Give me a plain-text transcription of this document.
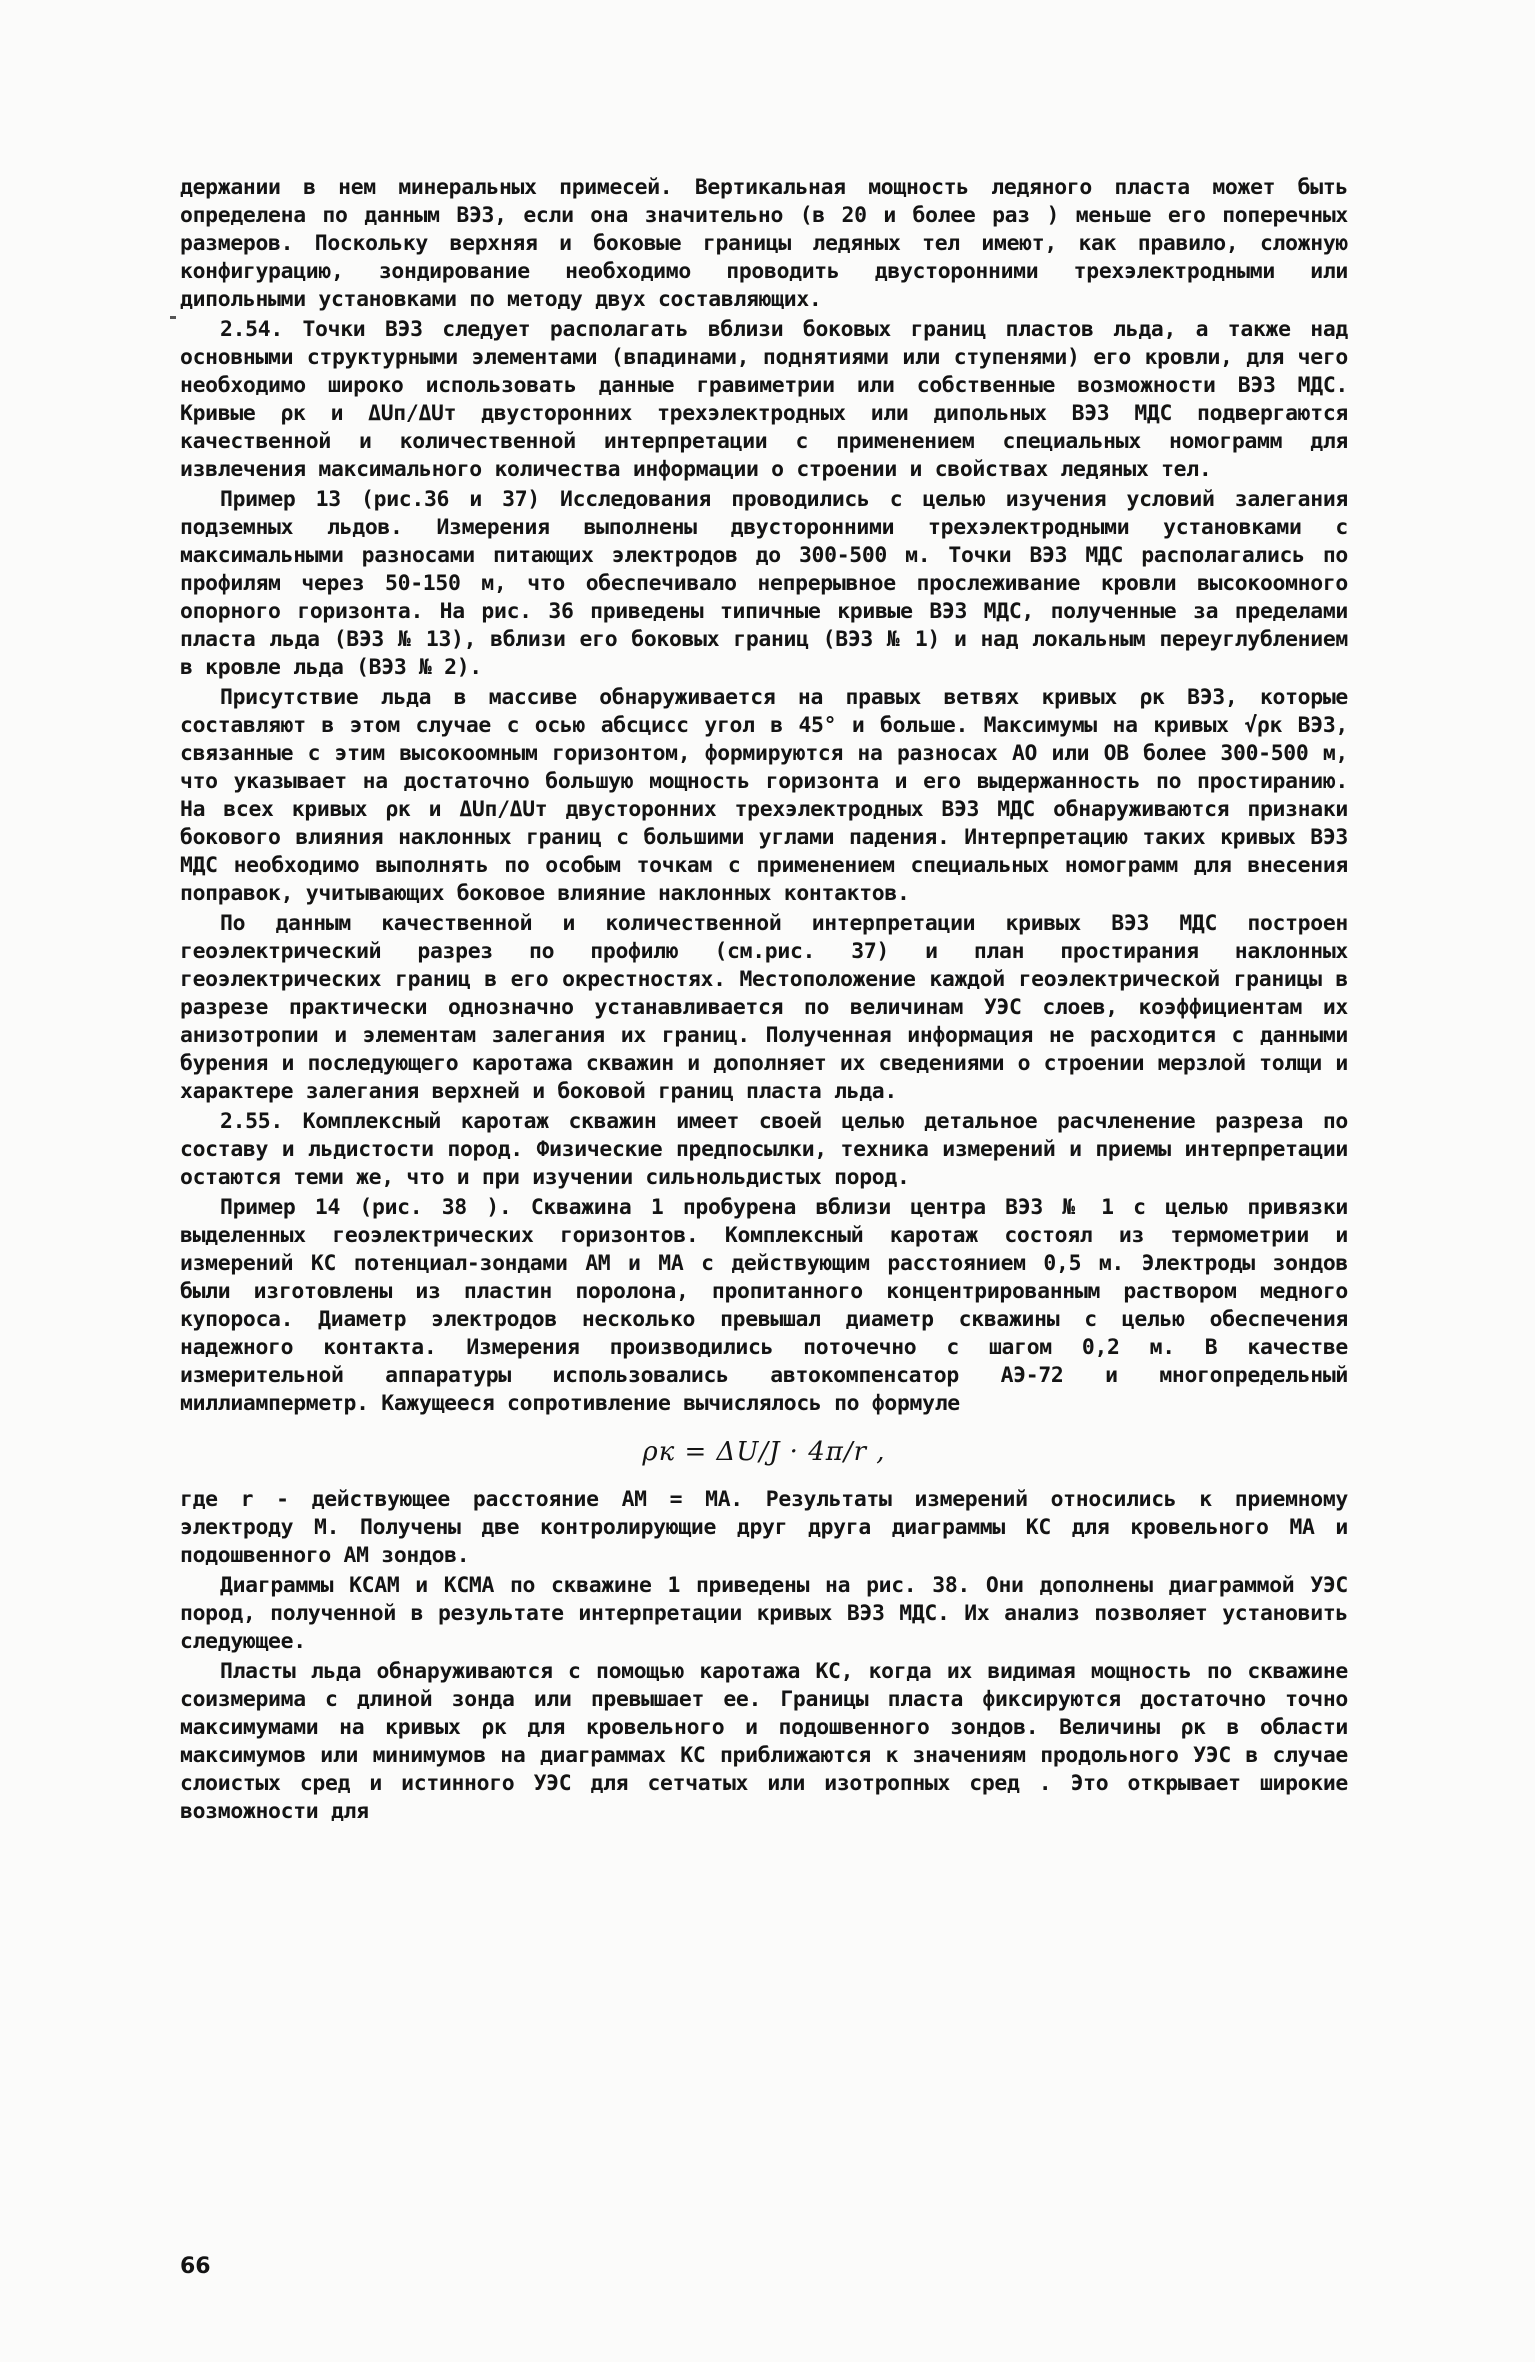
держании в нем минеральных примесей. Вертикальная мощность ледяного пласта может быть определена по данным ВЭЗ, если она значительно (в 20 и более раз ) меньше его поперечных размеров. Поскольку верхняя и боковые границы ледяных тел имеют, как правило, сложную конфигурацию, зондирование необходимо проводить двусторонними трехэлектродными или дипольными установками по методу двух составляющих.

2.54. Точки ВЭЗ следует располагать вблизи боковых границ пластов льда, а также над основными структурными элементами (впадинами, поднятиями или ступенями) его кровли, для чего необходимо широко использовать данные гравиметрии или собственные возможности ВЭЗ МДС. Кривые ρк и ΔUп/ΔUт двусторонних трехэлектродных или дипольных ВЭЗ МДС подвергаются качественной и количественной интерпретации с применением специальных номограмм для извлечения максимального количества информации о строении и свойствах ледяных тел.

Пример 13 (рис.36 и 37) Исследования проводились с целью изучения условий залегания подземных льдов. Измерения выполнены двусторонними трехэлектродными установками с максимальными разносами питающих электродов до 300-500 м. Точки ВЭЗ МДС располагались по профилям через 50-150 м, что обеспечивало непрерывное прослеживание кровли высокоомного опорного горизонта. На рис. 36 приведены типичные кривые ВЭЗ МДС, полученные за пределами пласта льда (ВЭЗ № 13), вблизи его боковых границ (ВЭЗ № 1) и над локальным переуглублением в кровле льда (ВЭЗ № 2).

Присутствие льда в массиве обнаруживается на правых ветвях кривых ρк ВЭЗ, которые составляют в этом случае с осью абсцисс угол в 45° и больше. Максимумы на кривых √ρк ВЭЗ, связанные с этим высокоомным горизонтом, формируются на разносах АО или ОВ более 300-500 м, что указывает на достаточно большую мощность горизонта и его выдержанность по простиранию. На всех кривых ρк и ΔUп/ΔUт двусторонних трехэлектродных ВЭЗ МДС обнаруживаются признаки бокового влияния наклонных границ с большими углами падения. Интерпретацию таких кривых ВЭЗ МДС необходимо выполнять по особым точкам с применением специальных номограмм для внесения поправок, учитывающих боковое влияние наклонных контактов.

По данным качественной и количественной интерпретации кривых ВЭЗ МДС построен геоэлектрический разрез по профилю (см.рис. 37) и план простирания наклонных геоэлектрических границ в его окрестностях. Местоположение каждой геоэлектрической границы в разрезе практически однозначно устанавливается по величинам УЭС слоев, коэффициентам их анизотропии и элементам залегания их границ. Полученная информация не расходится с данными бурения и последующего каротажа скважин и дополняет их сведениями о строении мерзлой толщи и характере залегания верхней и боковой границ пласта льда.

2.55. Комплексный каротаж скважин имеет своей целью детальное расчленение разреза по составу и льдистости пород. Физические предпосылки, техника измерений и приемы интерпретации остаются теми же, что и при изучении сильнольдистых пород.

Пример 14 (рис. 38 ). Скважина 1 пробурена вблизи центра ВЭЗ № 1 с целью привязки выделенных геоэлектрических горизонтов. Комплексный каротаж состоял из термометрии и измерений КС потенциал-зондами АМ и МА с действующим расстоянием 0,5 м. Электроды зондов были изготовлены из пластин поролона, пропитанного концентрированным раствором медного купороса. Диаметр электродов несколько превышал диаметр скважины с целью обеспечения надежного контакта. Измерения производились поточечно с шагом 0,2 м. В качестве измерительной аппаратуры использовались автокомпенсатор АЭ-72 и многопредельный миллиамперметр. Кажущееся сопротивление вычислялось по формуле

ρк = ΔU/J · 4π/r ,

где r - действующее расстояние АМ = МА. Результаты измерений относились к приемному электроду М. Получены две контролирующие друг друга диаграммы КС для кровельного МА и подошвенного АМ зондов.

Диаграммы КСАМ и КСМА по скважине 1 приведены на рис. 38. Они дополнены диаграммой УЭС пород, полученной в результате интерпретации кривых ВЭЗ МДС. Их анализ позволяет установить следующее.

Пласты льда обнаруживаются с помощью каротажа КС, когда их видимая мощность по скважине соизмерима с длиной зонда или превышает ее. Границы пласта фиксируются достаточно точно максимумами на кривых ρк для кровельного и подошвенного зондов. Величины ρк в области максимумов или минимумов на диаграммах КС приближаются к значениям продольного УЭС в случае слоистых сред и истинного УЭС для сетчатых или изотропных сред . Это открывает широкие возможности для

66
